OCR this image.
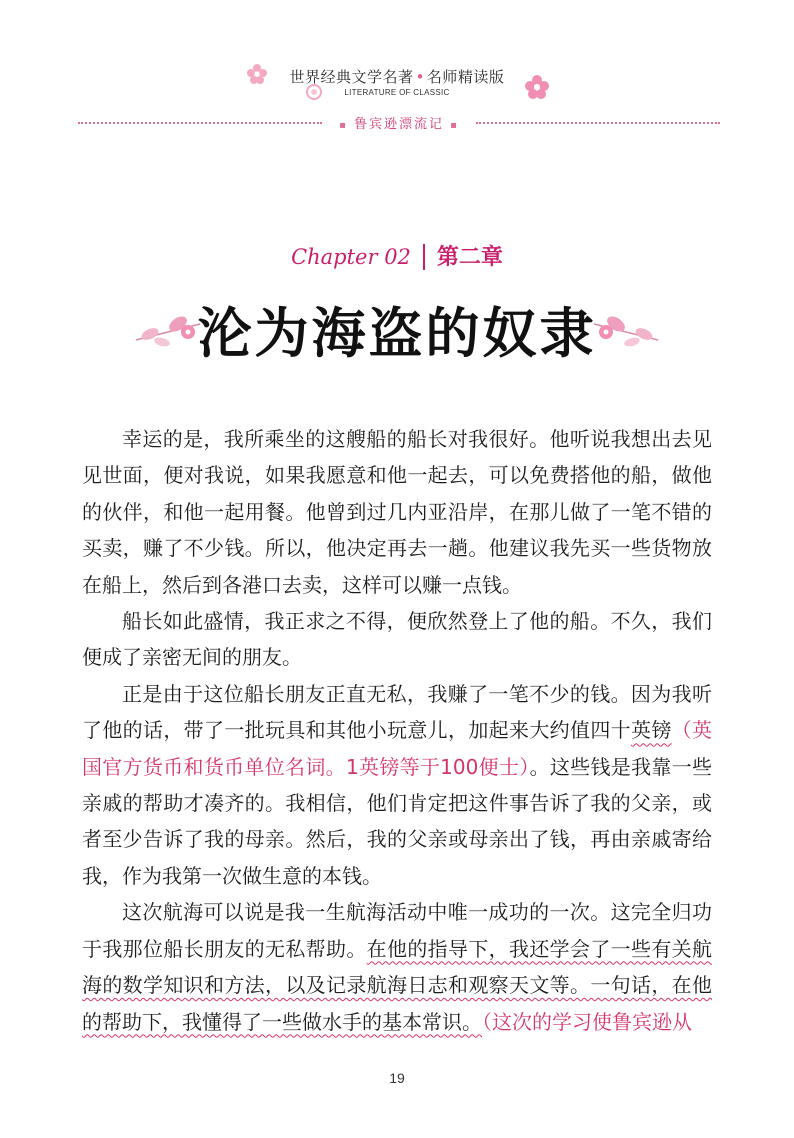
世界经典文学名著 • 名师精读版
LITERATURE OF CLASSIC
▪ 鲁宾逊漂流记 ▪
Chapter 02 第二章
沦为海盗的奴隶

幸运的是，我所乘坐的这艘船的船长对我很好。他听说我想出去见见世面，便对我说，如果我愿意和他一起去，可以免费搭他的船，做他的伙伴，和他一起用餐。他曾到过几内亚沿岸，在那儿做了一笔不错的买卖，赚了不少钱。所以，他决定再去一趟。他建议我先买一些货物放在船上，然后到各港口去卖，这样可以赚一点钱。

船长如此盛情，我正求之不得，便欣然登上了他的船。不久，我们便成了亲密无间的朋友。

正是由于这位船长朋友正直无私，我赚了一笔不少的钱。因为我听了他的话，带了一批玩具和其他小玩意儿，加起来大约值四十英镑（英国官方货币和货币单位名词。1英镑等于100便士）。这些钱是我靠一些亲戚的帮助才凑齐的。我相信，他们肯定把这件事告诉了我的父亲，或者至少告诉了我的母亲。然后，我的父亲或母亲出了钱，再由亲戚寄给我，作为我第一次做生意的本钱。

这次航海可以说是我一生航海活动中唯一成功的一次。这完全归功于我那位船长朋友的无私帮助。在他的指导下，我还学会了一些有关航海的数学知识和方法，以及记录航海日志和观察天文等。一句话，在他的帮助下，我懂得了一些做水手的基本常识。（这次的学习使鲁宾逊从

19
